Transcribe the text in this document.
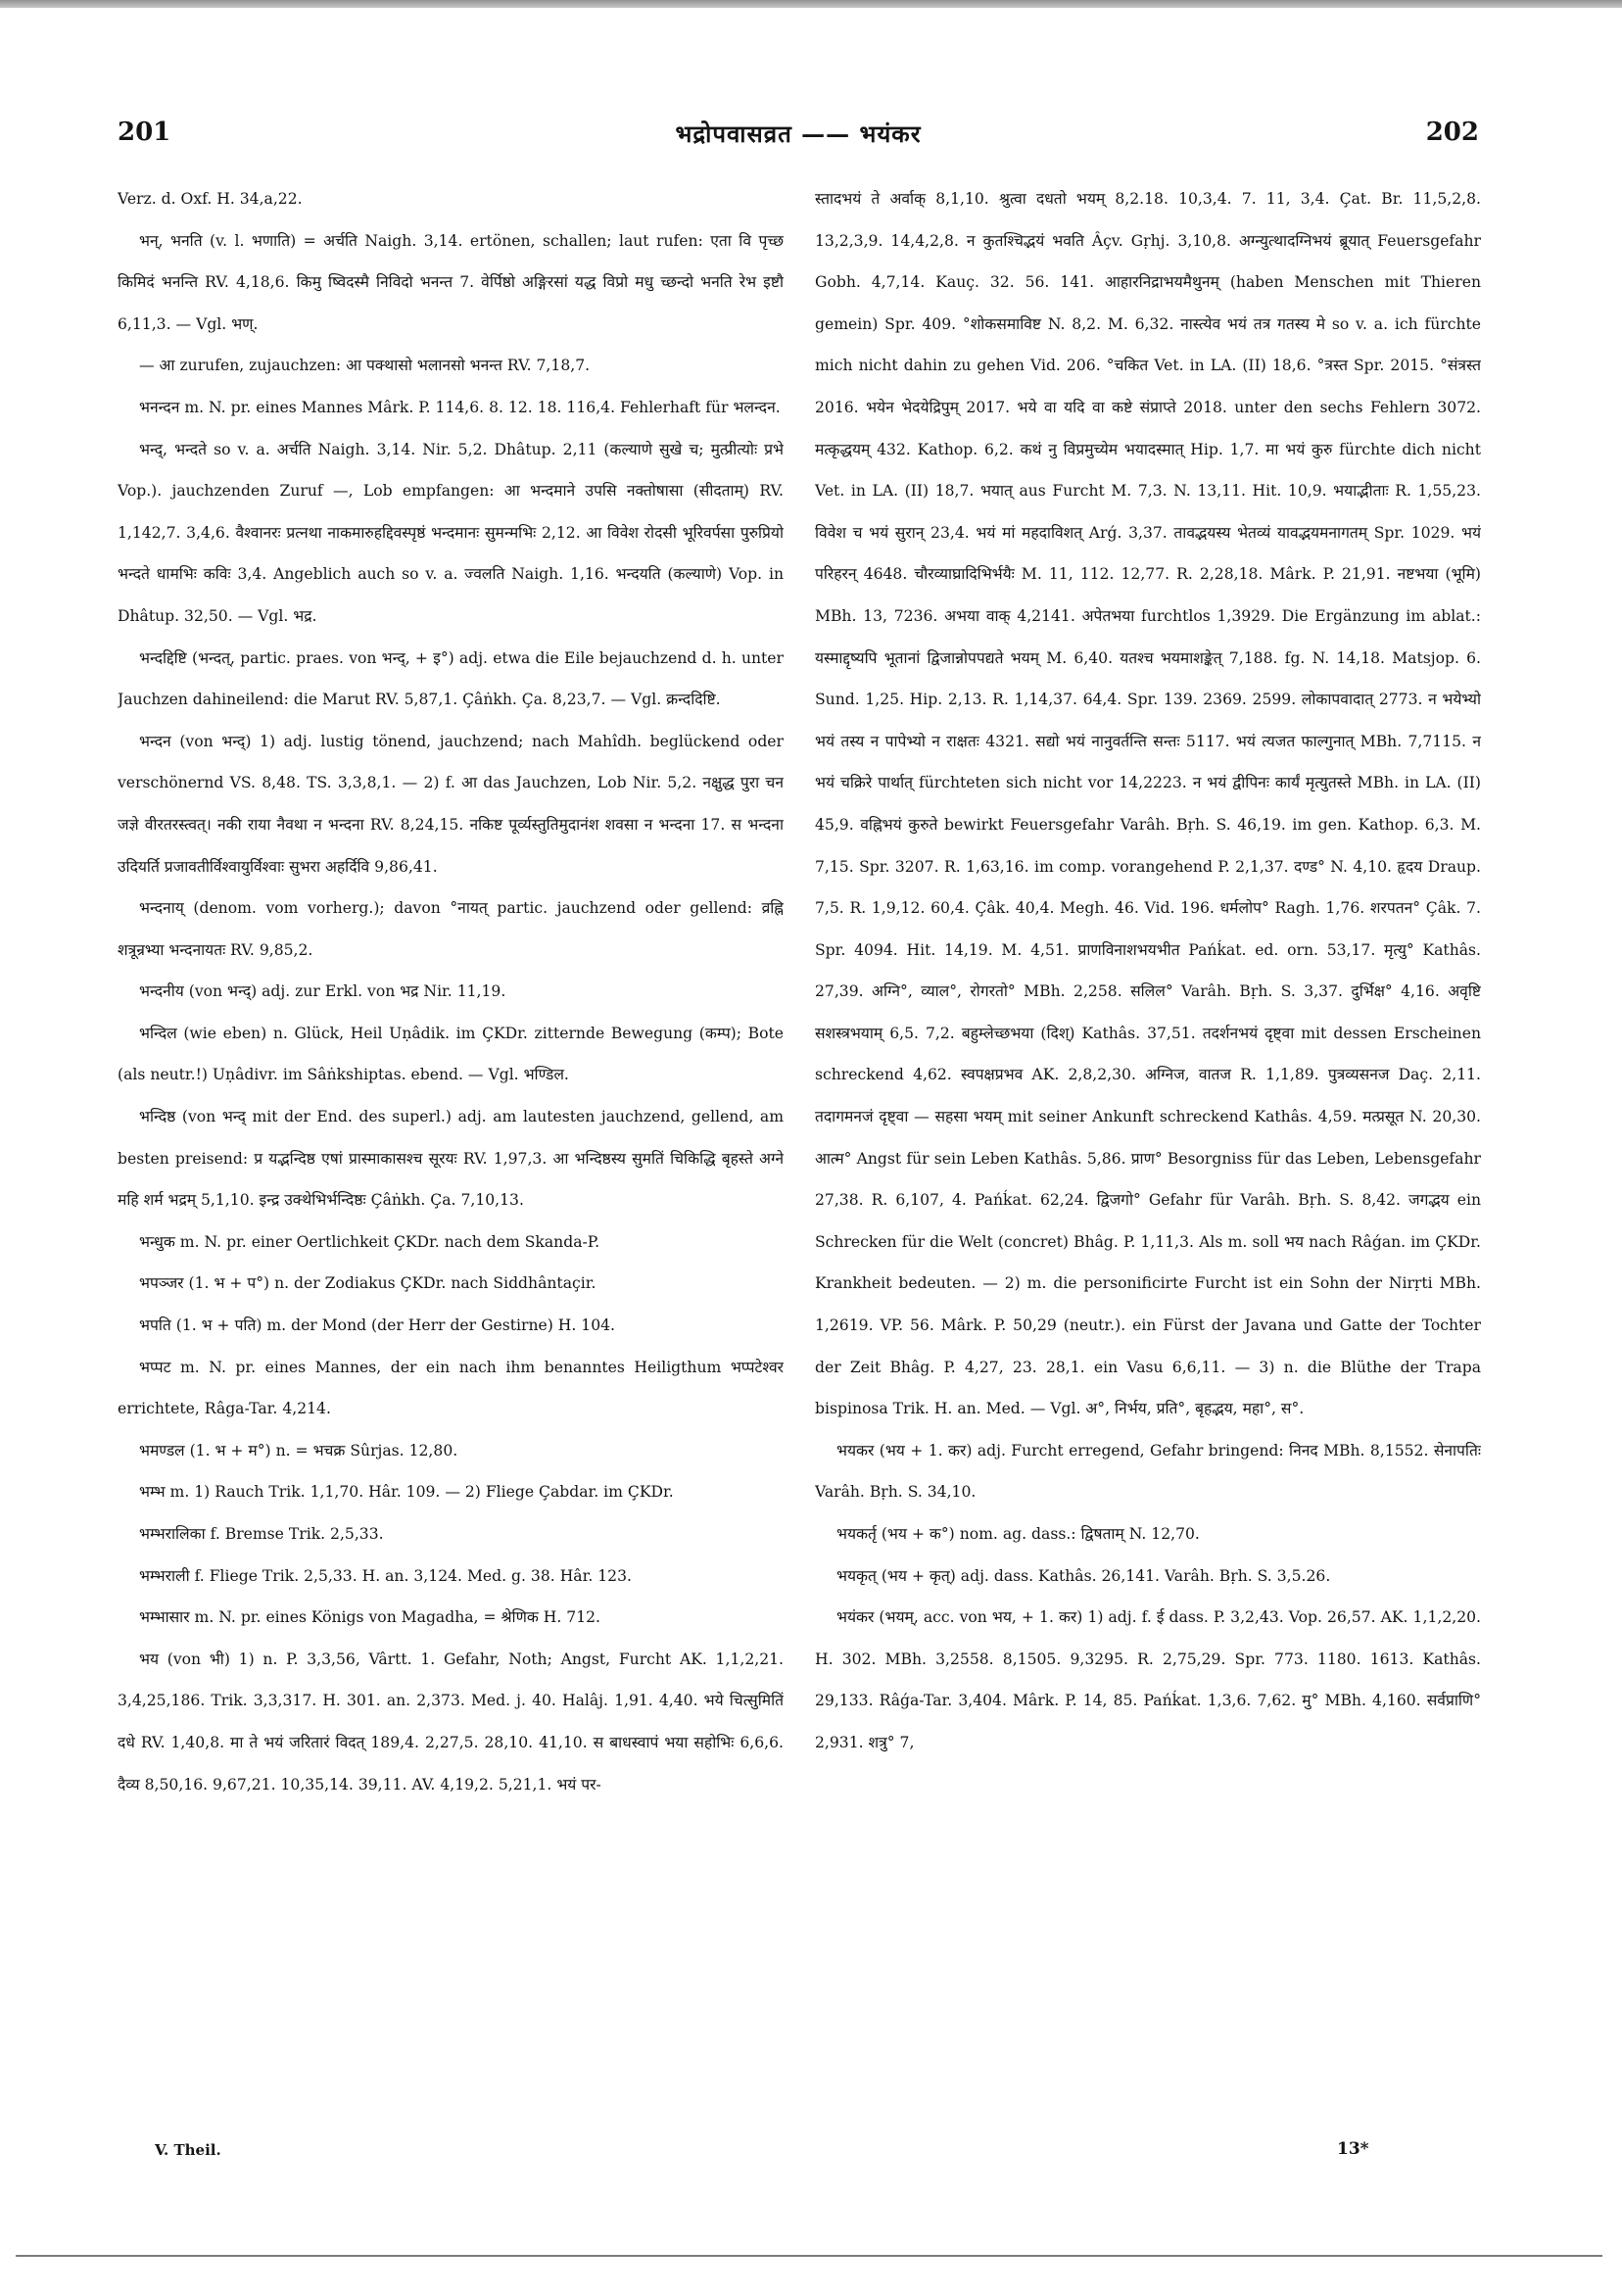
201	भद्रोपवासव्रत —— भयंकर	202

Verz. d. Oxf. H. 34,a,22.

भन्, भनति (v. l. भणाति) = अर्चति Naigh. 3,14. ertönen, schallen; laut rufen: एता वि पृच्छ किमिदं भनन्ति RV. 4,18,6. किमु ष्विदस्मै निविदो भनन्त 7. वेर्पिष्ठो अङ्गिरसां यद्ध विप्रो मधु च्छन्दो भनति रेभ इष्टौ 6,11,3. — Vgl. भण्.

— आ zurufen, zujauchzen: आ पक्थासो भलानसो भनन्त RV. 7,18,7.

भनन्दन m. N. pr. eines Mannes Mârk. P. 114,6. 8. 12. 18. 116,4. Fehlerhaft für भलन्दन.

भन्द्, भन्दते so v. a. अर्चति Naigh. 3,14. Nir. 5,2. Dhâtup. 2,11 (कल्याणे सुखे च; मुत्प्रीत्योः प्रभे Vop.). jauchzenden Zuruf —, Lob empfangen: आ भन्दमाने उपसि नक्तोषासा (सीदताम्) RV. 1,142,7. 3,4,6. वैश्वानरः प्रत्नथा नाकमारुहद्दिवस्पृष्ठं भन्दमानः सुमन्मभिः 2,12. आ विवेश रोदसी भूरिवर्पसा पुरुप्रियो भन्दते धामभिः कविः 3,4. Angeblich auch so v. a. ज्वलति Naigh. 1,16. भन्दयति (कल्याणे) Vop. in Dhâtup. 32,50. — Vgl. भद्र.

भन्दद्दिष्टि (भन्दत्, partic. praes. von भन्द्, + इ°) adj. etwa die Eile bejauchzend d. h. unter Jauchzen dahineilend: die Marut RV. 5,87,1. Çâṅkh. Ça. 8,23,7. — Vgl. क्रन्ददिष्टि.

भन्दन (von भन्द्) 1) adj. lustig tönend, jauchzend; nach Mahîdh. beglückend oder verschönernd VS. 8,48. TS. 3,3,8,1. — 2) f. आ das Jauchzen, Lob Nir. 5,2. नक्षुद्ध पुरा चन जज्ञे वीरतरस्त्वत्। नकी राया नैवथा न भन्दना RV. 8,24,15. नकिष्ट पूर्व्यस्तुतिमुदानंश शवसा न भन्दना 17. स भन्दना उदियर्ति प्रजावतीर्विश्वायुर्विश्वाः सुभरा अहर्दिवि 9,86,41.

भन्दनाय् (denom. vom vorherg.); davon °नायत् partic. jauchzend oder gellend: व्रह्नि शत्रून्रभ्या भन्दनायतः RV. 9,85,2.

भन्दनीय (von भन्द्) adj. zur Erkl. von भद्र Nir. 11,19.

भन्दिल (wie eben) n. Glück, Heil Uṇâdik. im ÇKDr. zitternde Bewegung (कम्प); Bote (als neutr.!) Uṇâdivr. im Sâṅkshiptas. ebend. — Vgl. भण्डिल.

भन्दिष्ठ (von भन्द् mit der End. des superl.) adj. am lautesten jauchzend, gellend, am besten preisend: प्र यद्भन्दिष्ठ एषां प्रास्माकासश्च सूरयः RV. 1,97,3. आ भन्दिष्ठस्य सुमतिं चिकिद्धि बृहस्ते अग्ने महि शर्म भद्रम् 5,1,10. इन्द्र उक्थेभिर्भन्दिष्ठः Çâṅkh. Ça. 7,10,13.

भन्धुक m. N. pr. einer Oertlichkeit ÇKDr. nach dem Skanda-P.

भपञ्जर (1. भ + प°) n. der Zodiakus ÇKDr. nach Siddhântaçir.

भपति (1. भ + पति) m. der Mond (der Herr der Gestirne) H. 104.

भप्पट m. N. pr. eines Mannes, der ein nach ihm benanntes Heiligthum भप्पटेश्वर errichtete, Râga-Tar. 4,214.

भमण्डल (1. भ + म°) n. = भचक्र Sûrjas. 12,80.

भम्भ m. 1) Rauch Trik. 1,1,70. Hâr. 109. — 2) Fliege Çabdar. im ÇKDr.

भम्भरालिका f. Bremse Trik. 2,5,33.

भम्भराली f. Fliege Trik. 2,5,33. H. an. 3,124. Med. g. 38. Hâr. 123.

भम्भासार m. N. pr. eines Königs von Magadha, = श्रेणिक H. 712.

भय (von भी) 1) n. P. 3,3,56, Vârtt. 1. Gefahr, Noth; Angst, Furcht AK. 1,1,2,21. 3,4,25,186. Trik. 3,3,317. H. 301. an. 2,373. Med. j. 40. Halâj. 1,91. 4,40. भये चित्सुमितिं दधे RV. 1,40,8. मा ते भयं जरितारं विदत् 189,4. 2,27,5. 28,10. 41,10. स बाधस्वापं भया सहोभिः 6,6,6. दैव्य 8,50,16. 9,67,21. 10,35,14. 39,11. AV. 4,19,2. 5,21,1. भयं पर-

स्तादभयं ते अर्वाक् 8,1,10. श्रुत्वा दधतो भयम् 8,2.18. 10,3,4. 7. 11, 3,4. Çat. Br. 11,5,2,8. 13,2,3,9. 14,4,2,8. न कुतश्चिद्भयं भवति Âçv. Gṛhj. 3,10,8. अग्न्युत्थादग्निभयं ब्रूयात् Feuersgefahr Gobh. 4,7,14. Kauç. 32. 56. 141. आहारनिद्राभयमैथुनम् (haben Menschen mit Thieren gemein) Spr. 409. °शोकसमाविष्ट N. 8,2. M. 6,32. नास्त्येव भयं तत्र गतस्य मे so v. a. ich fürchte mich nicht dahin zu gehen Vid. 206. °चकित Vet. in LA. (II) 18,6. °त्रस्त Spr. 2015. °संत्रस्त 2016. भयेन भेदयेद्रिपुम् 2017. भये वा यदि वा कष्टे संप्राप्ते 2018. unter den sechs Fehlern 3072. मत्कृद्धयम् 432. Kathop. 6,2. कथं नु विप्रमुच्येम भयादस्मात् Hip. 1,7. मा भयं कुरु fürchte dich nicht Vet. in LA. (II) 18,7. भयात् aus Furcht M. 7,3. N. 13,11. Hit. 10,9. भयाद्भीताः R. 1,55,23. विवेश च भयं सुरान् 23,4. भयं मां महदाविशत् Arǵ. 3,37. तावद्भयस्य भेतव्यं यावद्भयमनागतम् Spr. 1029. भयं परिहरन् 4648. चौरव्याघ्रादिभिर्भयैः M. 11, 112. 12,77. R. 2,28,18. Mârk. P. 21,91. नष्टभया (भूमि) MBh. 13, 7236. अभया वाक् 4,2141. अपेतभया furchtlos 1,3929. Die Ergänzung im ablat.: यस्माद्दृष्यपि भूतानां द्विजान्नोपपद्यते भयम् M. 6,40. यतश्च भयमाशङ्केत् 7,188. fg. N. 14,18. Matsjop. 6. Sund. 1,25. Hip. 2,13. R. 1,14,37. 64,4. Spr. 139. 2369. 2599. लोकापवादात् 2773. न भयेभ्यो भयं तस्य न पापेभ्यो न राक्षतः 4321. सद्यो भयं नानुवर्तन्ति सन्तः 5117. भयं त्यजत फाल्गुनात् MBh. 7,7115. न भयं चक्रिरे पार्थात् fürchteten sich nicht vor 14,2223. न भयं द्वीपिनः कार्यं मृत्युतस्ते MBh. in LA. (II) 45,9. वह्निभयं कुरुते bewirkt Feuersgefahr Varâh. Bṛh. S. 46,19. im gen. Kathop. 6,3. M. 7,15. Spr. 3207. R. 1,63,16. im comp. vorangehend P. 2,1,37. दण्ड° N. 4,10. हृदय Draup. 7,5. R. 1,9,12. 60,4. Çâk. 40,4. Megh. 46. Vid. 196. धर्मलोप° Ragh. 1,76. शरपतन° Çâk. 7. Spr. 4094. Hit. 14,19. M. 4,51. प्राणविनाशभयभीत Pańḱat. ed. orn. 53,17. मृत्यु° Kathâs. 27,39. अग्नि°, व्याल°, रोगरतो° MBh. 2,258. सलिल° Varâh. Bṛh. S. 3,37. दुर्भिक्ष° 4,16. अवृष्टि सशस्त्रभयाम् 6,5. 7,2. बहुम्लेच्छभया (दिश्) Kathâs. 37,51. तदर्शनभयं दृष्ट्वा mit dessen Erscheinen schreckend 4,62. स्वपक्षप्रभव AK. 2,8,2,30. अग्निज, वातज R. 1,1,89. पुत्रव्यसनज Daç. 2,11. तदागमनजं दृष्ट्वा — सहसा भयम् mit seiner Ankunft schreckend Kathâs. 4,59. मत्प्रसूत N. 20,30. आत्म° Angst für sein Leben Kathâs. 5,86. प्राण° Besorgniss für das Leben, Lebensgefahr 27,38. R. 6,107, 4. Pańḱat. 62,24. द्विजगो° Gefahr für Varâh. Bṛh. S. 8,42. जगद्भय ein Schrecken für die Welt (concret) Bhâg. P. 1,11,3. Als m. soll भय nach Râǵan. im ÇKDr. Krankheit bedeuten. — 2) m. die personificirte Furcht ist ein Sohn der Nirṛti MBh. 1,2619. VP. 56. Mârk. P. 50,29 (neutr.). ein Fürst der Javana und Gatte der Tochter der Zeit Bhâg. P. 4,27, 23. 28,1. ein Vasu 6,6,11. — 3) n. die Blüthe der Trapa bispinosa Trik. H. an. Med. — Vgl. अ°, निर्भय, प्रति°, बृहद्भय, महा°, स°.

भयकर (भय + 1. कर) adj. Furcht erregend, Gefahr bringend: निनद MBh. 8,1552. सेनापतिः Varâh. Bṛh. S. 34,10.

भयकर्तृ (भय + क°) nom. ag. dass.: द्विषताम् N. 12,70.

भयकृत् (भय + कृत्) adj. dass. Kathâs. 26,141. Varâh. Bṛh. S. 3,5.26.

भयंकर (भयम्, acc. von भय, + 1. कर) 1) adj. f. ई dass. P. 3,2,43. Vop. 26,57. AK. 1,1,2,20. H. 302. MBh. 3,2558. 8,1505. 9,3295. R. 2,75,29. Spr. 773. 1180. 1613. Kathâs. 29,133. Râǵa-Tar. 3,404. Mârk. P. 14, 85. Pańḱat. 1,3,6. 7,62. मु° MBh. 4,160. सर्वप्राणि° 2,931. शत्रु° 7,

V. Theil.	13*
